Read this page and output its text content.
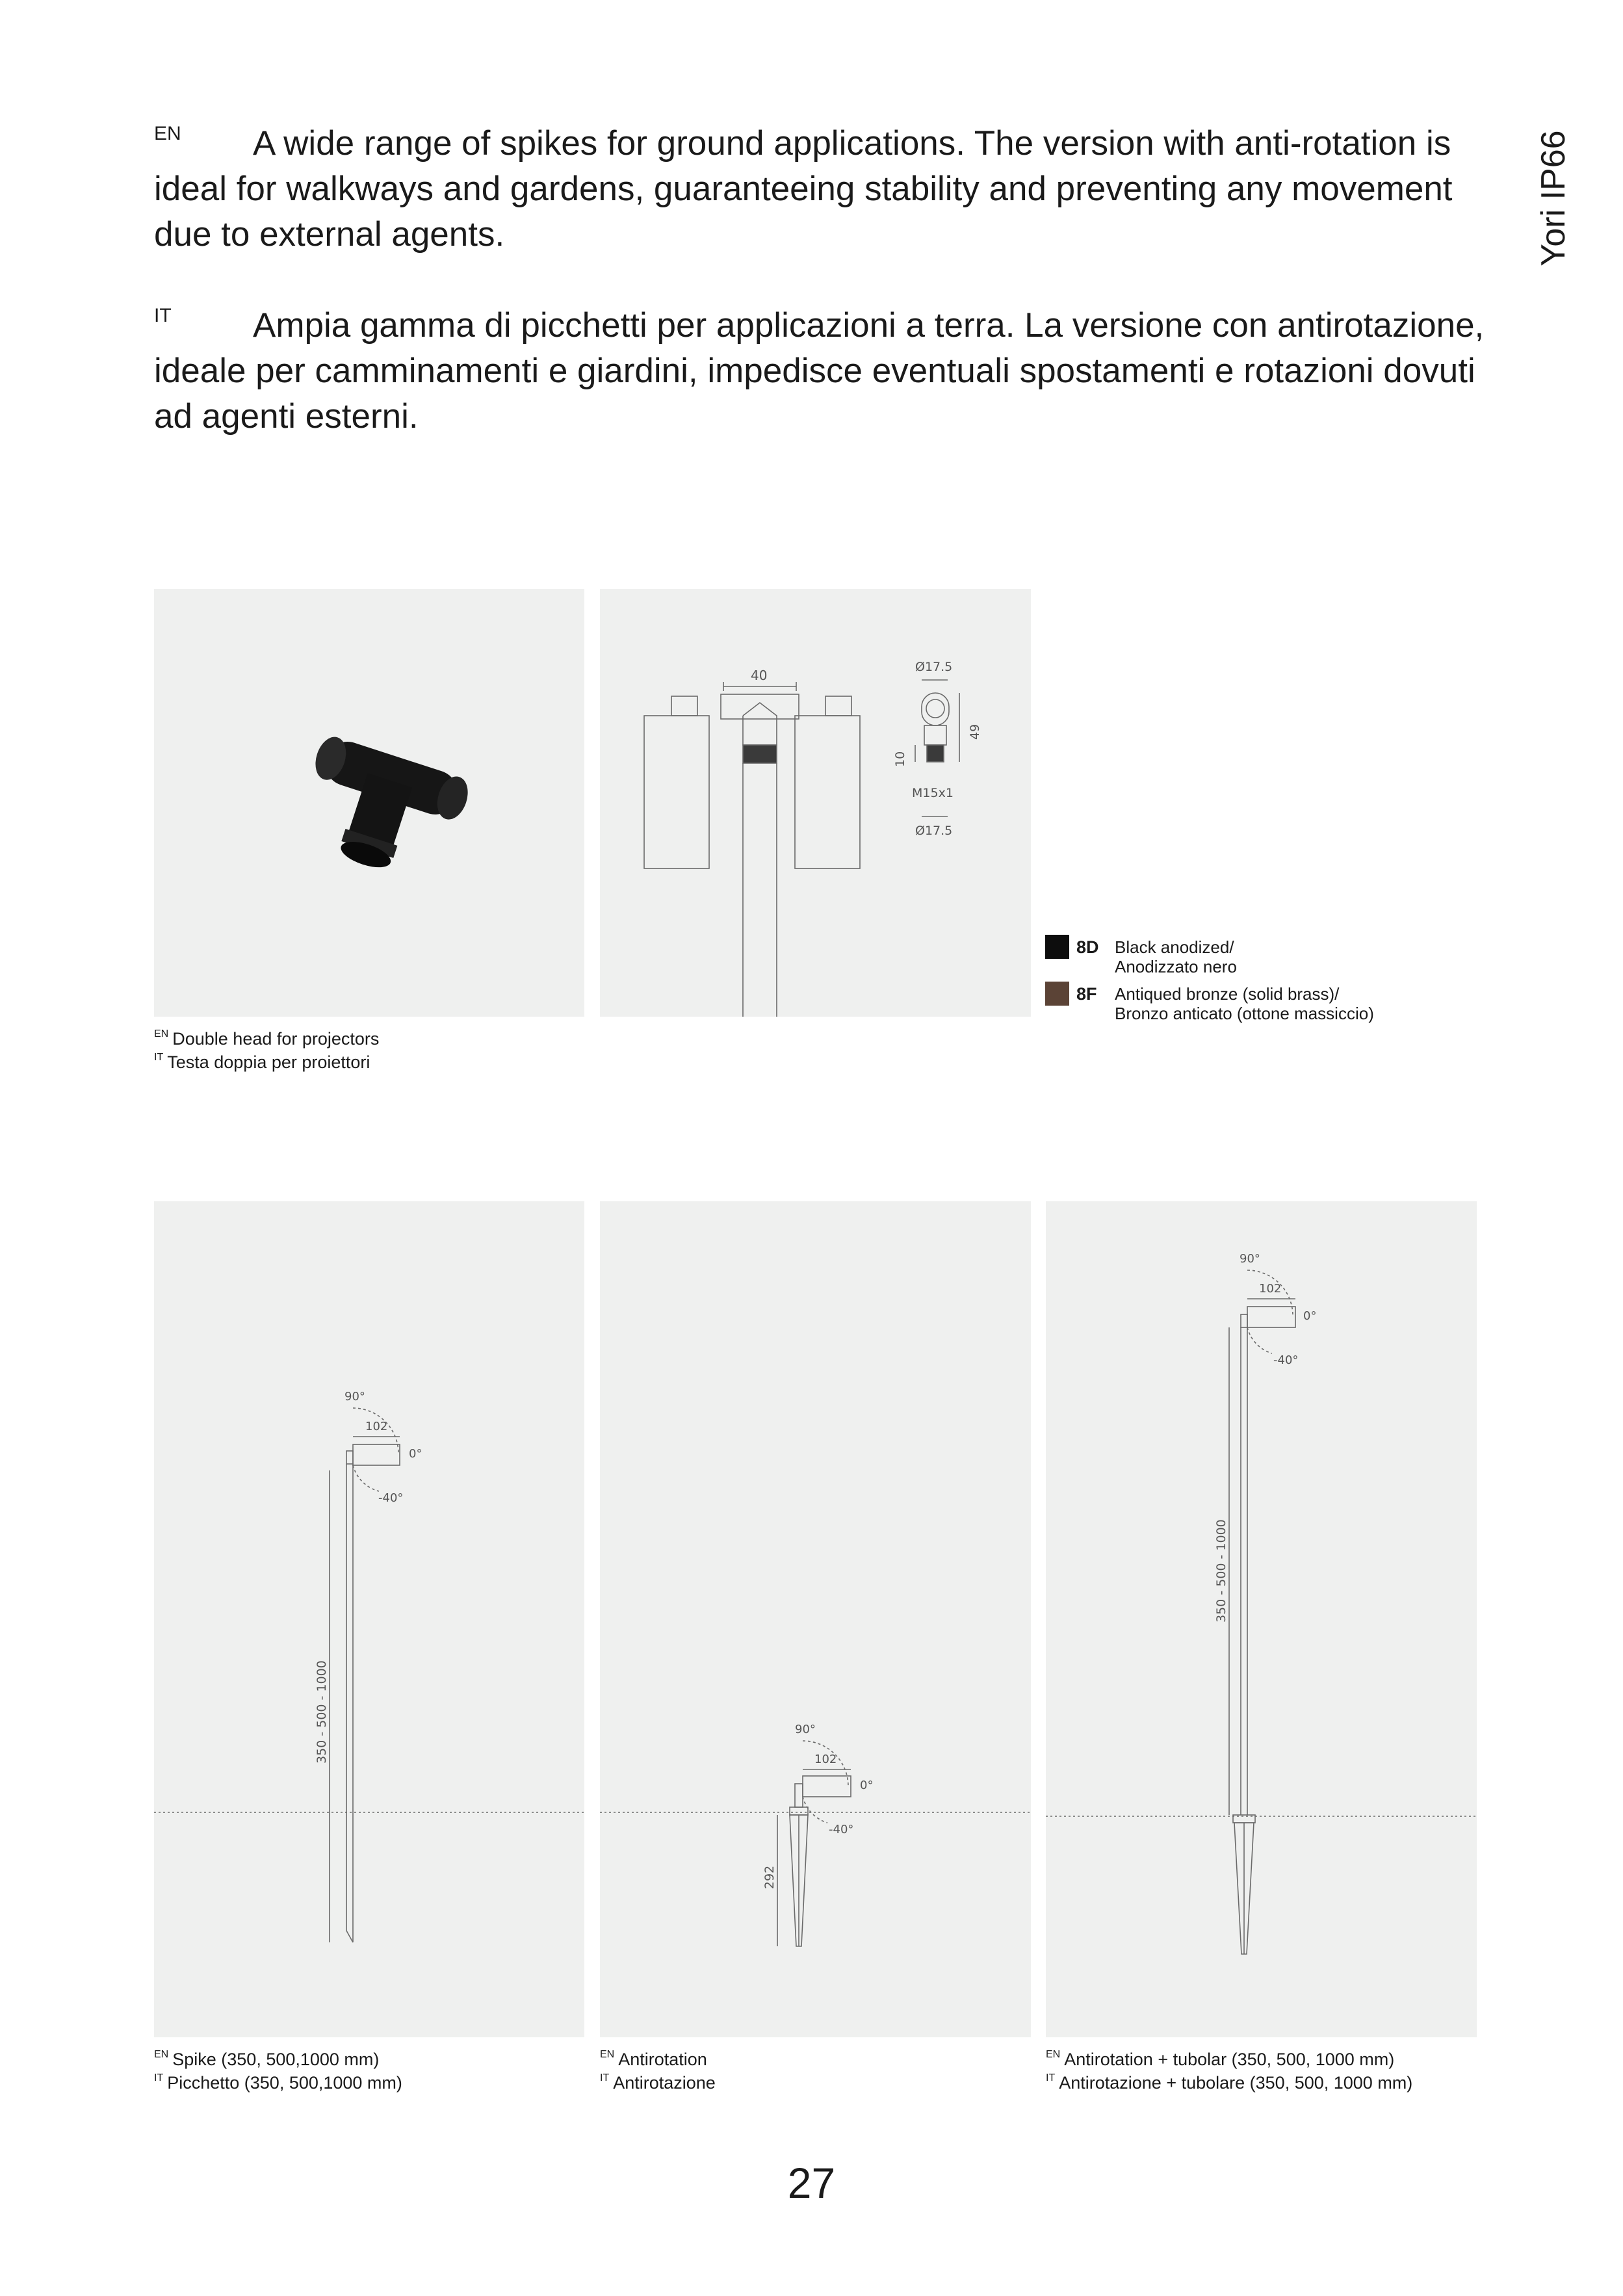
EN A wide range of spikes for ground applications. The version with anti-rotation is ideal for walkways and gardens, guaranteeing stability and preventing any movement due to external agents.
IT Ampia gamma di picchetti per applicazioni a terra. La versione con antirotazione, ideale per camminamenti e giardini, impedisce eventuali spostamenti e rotazioni dovuti ad agenti esterni.
Yori IP66
40
Ø17.5
49
10
M15x1
Ø17.5
8D Black anodized/
Anodizzato nero
8F Antiqued bronze (solid brass)/
Bronzo anticato (ottone massiccio)
$^{EN}$ Double head for projectors
$^{IT}$ Testa doppia per proiettori
90°
102
0°
-40°
350 - 500 - 1000	90°
102
0°
-40°
292
90°
102
0°
-40°
350 - 500 - 1000
$^{EN}$ Spike (350, 500,1000 mm)
$^{IT}$ Picchetto (350, 500,1000 mm)
$^{EN}$ Antirotation
$^{IT}$ Antirotazione
$^{EN}$ Antirotation + tubolar (350, 500, 1000 mm)
$^{IT}$ Antirotazione + tubolare (350, 500, 1000 mm)
27
